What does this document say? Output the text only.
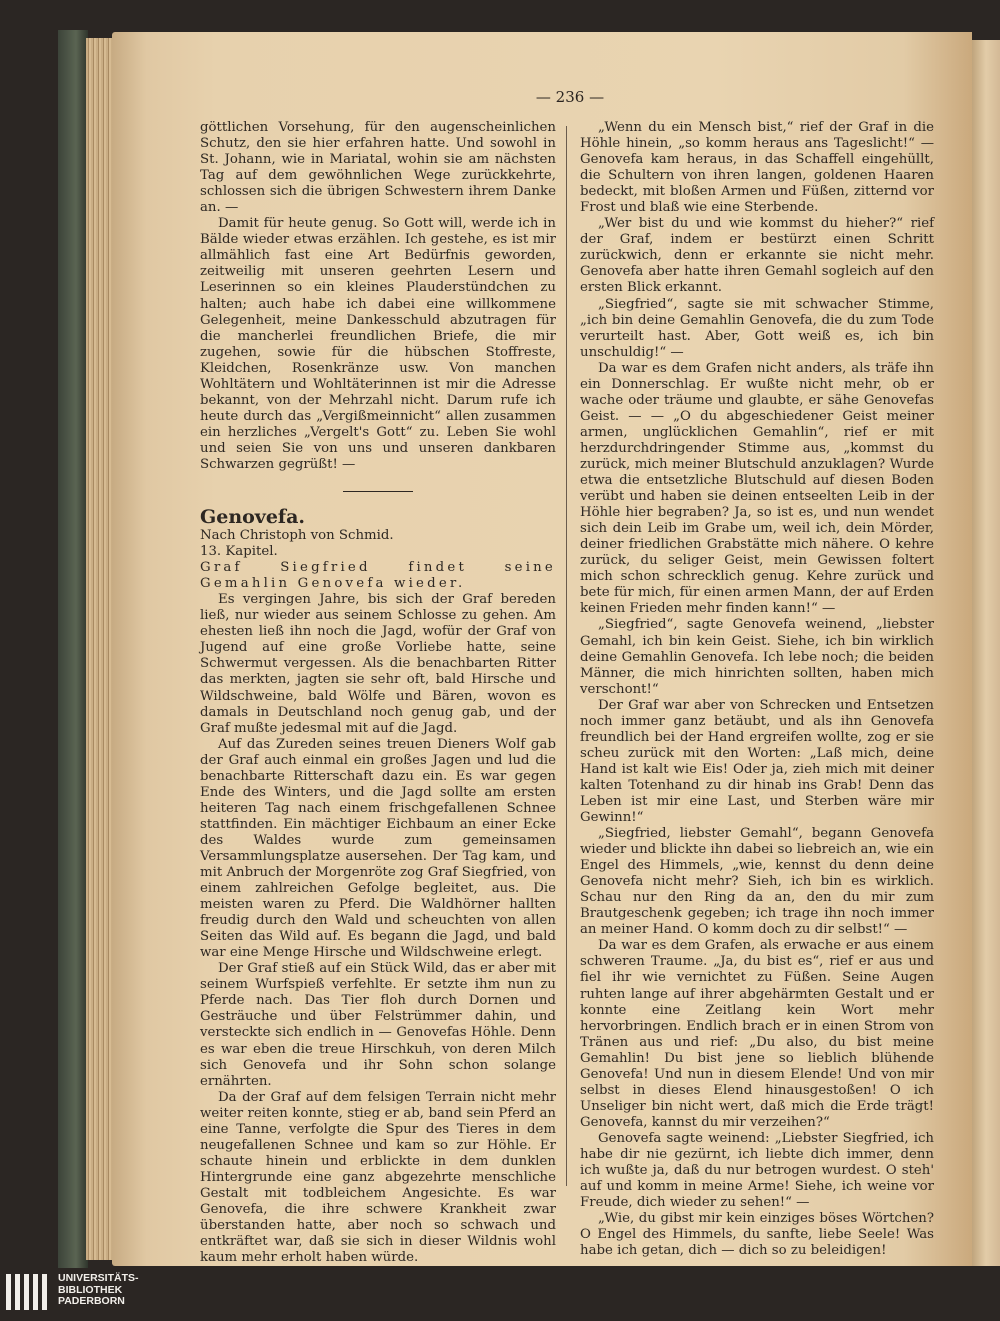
— 236 —

göttlichen Vorsehung, für den augenscheinlichen Schutz, den sie hier erfahren hatte. Und sowohl in St. Johann, wie in Mariatal, wohin sie am nächsten Tag auf dem gewöhnlichen Wege zurückkehrte, schlossen sich die übrigen Schwestern ihrem Danke an. —

Damit für heute genug. So Gott will, werde ich in Bälde wieder etwas erzählen. Ich gestehe, es ist mir allmählich fast eine Art Bedürfnis geworden, zeitweilig mit unseren geehrten Lesern und Leserinnen so ein kleines Plauderstündchen zu halten; auch habe ich dabei eine willkommene Gelegenheit, meine Dankesschuld abzutragen für die mancherlei freundlichen Briefe, die mir zugehen, sowie für die hübschen Stoffreste, Kleidchen, Rosenkränze usw. Von manchen Wohltätern und Wohltäterinnen ist mir die Adresse bekannt, von der Mehrzahl nicht. Darum rufe ich heute durch das „Vergißmeinnicht“ allen zusammen ein herzliches „Vergelt's Gott“ zu. Leben Sie wohl und seien Sie von uns und unseren dankbaren Schwarzen gegrüßt! —

Genovefa.

Nach Christoph von Schmid.

13. Kapitel.

Graf Siegfried findet seine Gemahlin Genovefa wieder.

Es vergingen Jahre, bis sich der Graf bereden ließ, nur wieder aus seinem Schlosse zu gehen. Am ehesten ließ ihn noch die Jagd, wofür der Graf von Jugend auf eine große Vorliebe hatte, seine Schwermut vergessen. Als die benachbarten Ritter das merkten, jagten sie sehr oft, bald Hirsche und Wildschweine, bald Wölfe und Bären, wovon es damals in Deutschland noch genug gab, und der Graf mußte jedesmal mit auf die Jagd.

Auf das Zureden seines treuen Dieners Wolf gab der Graf auch einmal ein großes Jagen und lud die benachbarte Ritterschaft dazu ein. Es war gegen Ende des Winters, und die Jagd sollte am ersten heiteren Tag nach einem frischgefallenen Schnee stattfinden. Ein mächtiger Eichbaum an einer Ecke des Waldes wurde zum gemeinsamen Versammlungsplatze ausersehen. Der Tag kam, und mit Anbruch der Morgenröte zog Graf Siegfried, von einem zahlreichen Gefolge begleitet, aus. Die meisten waren zu Pferd. Die Waldhörner hallten freudig durch den Wald und scheuchten von allen Seiten das Wild auf. Es begann die Jagd, und bald war eine Menge Hirsche und Wildschweine erlegt.

Der Graf stieß auf ein Stück Wild, das er aber mit seinem Wurfspieß verfehlte. Er setzte ihm nun zu Pferde nach. Das Tier floh durch Dornen und Gesträuche und über Felstrümmer dahin, und versteckte sich endlich in — Genovefas Höhle. Denn es war eben die treue Hirschkuh, von deren Milch sich Genovefa und ihr Sohn schon solange ernährten.

Da der Graf auf dem felsigen Terrain nicht mehr weiter reiten konnte, stieg er ab, band sein Pferd an eine Tanne, verfolgte die Spur des Tieres in dem neugefallenen Schnee und kam so zur Höhle. Er schaute hinein und erblickte in dem dunklen Hintergrunde eine ganz abgezehrte menschliche Gestalt mit todbleichem Angesichte. Es war Genovefa, die ihre schwere Krankheit zwar überstanden hatte, aber noch so schwach und entkräftet war, daß sie sich in dieser Wildnis wohl kaum mehr erholt haben würde.

„Wenn du ein Mensch bist,“ rief der Graf in die Höhle hinein, „so komm heraus ans Tageslicht!“ — Genovefa kam heraus, in das Schaffell eingehüllt, die Schultern von ihren langen, goldenen Haaren bedeckt, mit bloßen Armen und Füßen, zitternd vor Frost und blaß wie eine Sterbende.

„Wer bist du und wie kommst du hieher?“ rief der Graf, indem er bestürzt einen Schritt zurückwich, denn er erkannte sie nicht mehr. Genovefa aber hatte ihren Gemahl sogleich auf den ersten Blick erkannt.

„Siegfried“, sagte sie mit schwacher Stimme, „ich bin deine Gemahlin Genovefa, die du zum Tode verurteilt hast. Aber, Gott weiß es, ich bin unschuldig!“ —

Da war es dem Grafen nicht anders, als träfe ihn ein Donnerschlag. Er wußte nicht mehr, ob er wache oder träume und glaubte, er sähe Genovefas Geist. — — „O du abgeschiedener Geist meiner armen, unglücklichen Gemahlin“, rief er mit herzdurchdringender Stimme aus, „kommst du zurück, mich meiner Blutschuld anzuklagen? Wurde etwa die entsetzliche Blutschuld auf diesen Boden verübt und haben sie deinen entseelten Leib in der Höhle hier begraben? Ja, so ist es, und nun wendet sich dein Leib im Grabe um, weil ich, dein Mörder, deiner friedlichen Grabstätte mich nähere. O kehre zurück, du seliger Geist, mein Gewissen foltert mich schon schrecklich genug. Kehre zurück und bete für mich, für einen armen Mann, der auf Erden keinen Frieden mehr finden kann!“ —

„Siegfried“, sagte Genovefa weinend, „liebster Gemahl, ich bin kein Geist. Siehe, ich bin wirklich deine Gemahlin Genovefa. Ich lebe noch; die beiden Männer, die mich hinrichten sollten, haben mich verschont!“

Der Graf war aber von Schrecken und Entsetzen noch immer ganz betäubt, und als ihn Genovefa freundlich bei der Hand ergreifen wollte, zog er sie scheu zurück mit den Worten: „Laß mich, deine Hand ist kalt wie Eis! Oder ja, zieh mich mit deiner kalten Totenhand zu dir hinab ins Grab! Denn das Leben ist mir eine Last, und Sterben wäre mir Gewinn!“

„Siegfried, liebster Gemahl“, begann Genovefa wieder und blickte ihn dabei so liebreich an, wie ein Engel des Himmels, „wie, kennst du denn deine Genovefa nicht mehr? Sieh, ich bin es wirklich. Schau nur den Ring da an, den du mir zum Brautgeschenk gegeben; ich trage ihn noch immer an meiner Hand. O komm doch zu dir selbst!“ —

Da war es dem Grafen, als erwache er aus einem schweren Traume. „Ja, du bist es“, rief er aus und fiel ihr wie vernichtet zu Füßen. Seine Augen ruhten lange auf ihrer abgehärmten Gestalt und er konnte eine Zeitlang kein Wort mehr hervorbringen. Endlich brach er in einen Strom von Tränen aus und rief: „Du also, du bist meine Gemahlin! Du bist jene so lieblich blühende Genovefa! Und nun in diesem Elende! Und von mir selbst in dieses Elend hinausgestoßen! O ich Unseliger bin nicht wert, daß mich die Erde trägt! Genovefa, kannst du mir verzeihen?“

Genovefa sagte weinend: „Liebster Siegfried, ich habe dir nie gezürnt, ich liebte dich immer, denn ich wußte ja, daß du nur betrogen wurdest. O steh' auf und komm in meine Arme! Siehe, ich weine vor Freude, dich wieder zu sehen!“ —

„Wie, du gibst mir kein einziges böses Wörtchen? O Engel des Himmels, du sanfte, liebe Seele! Was habe ich getan, dich — dich so zu beleidigen!

UNIVERSITÄTS-
BIBLIOTHEK
PADERBORN
